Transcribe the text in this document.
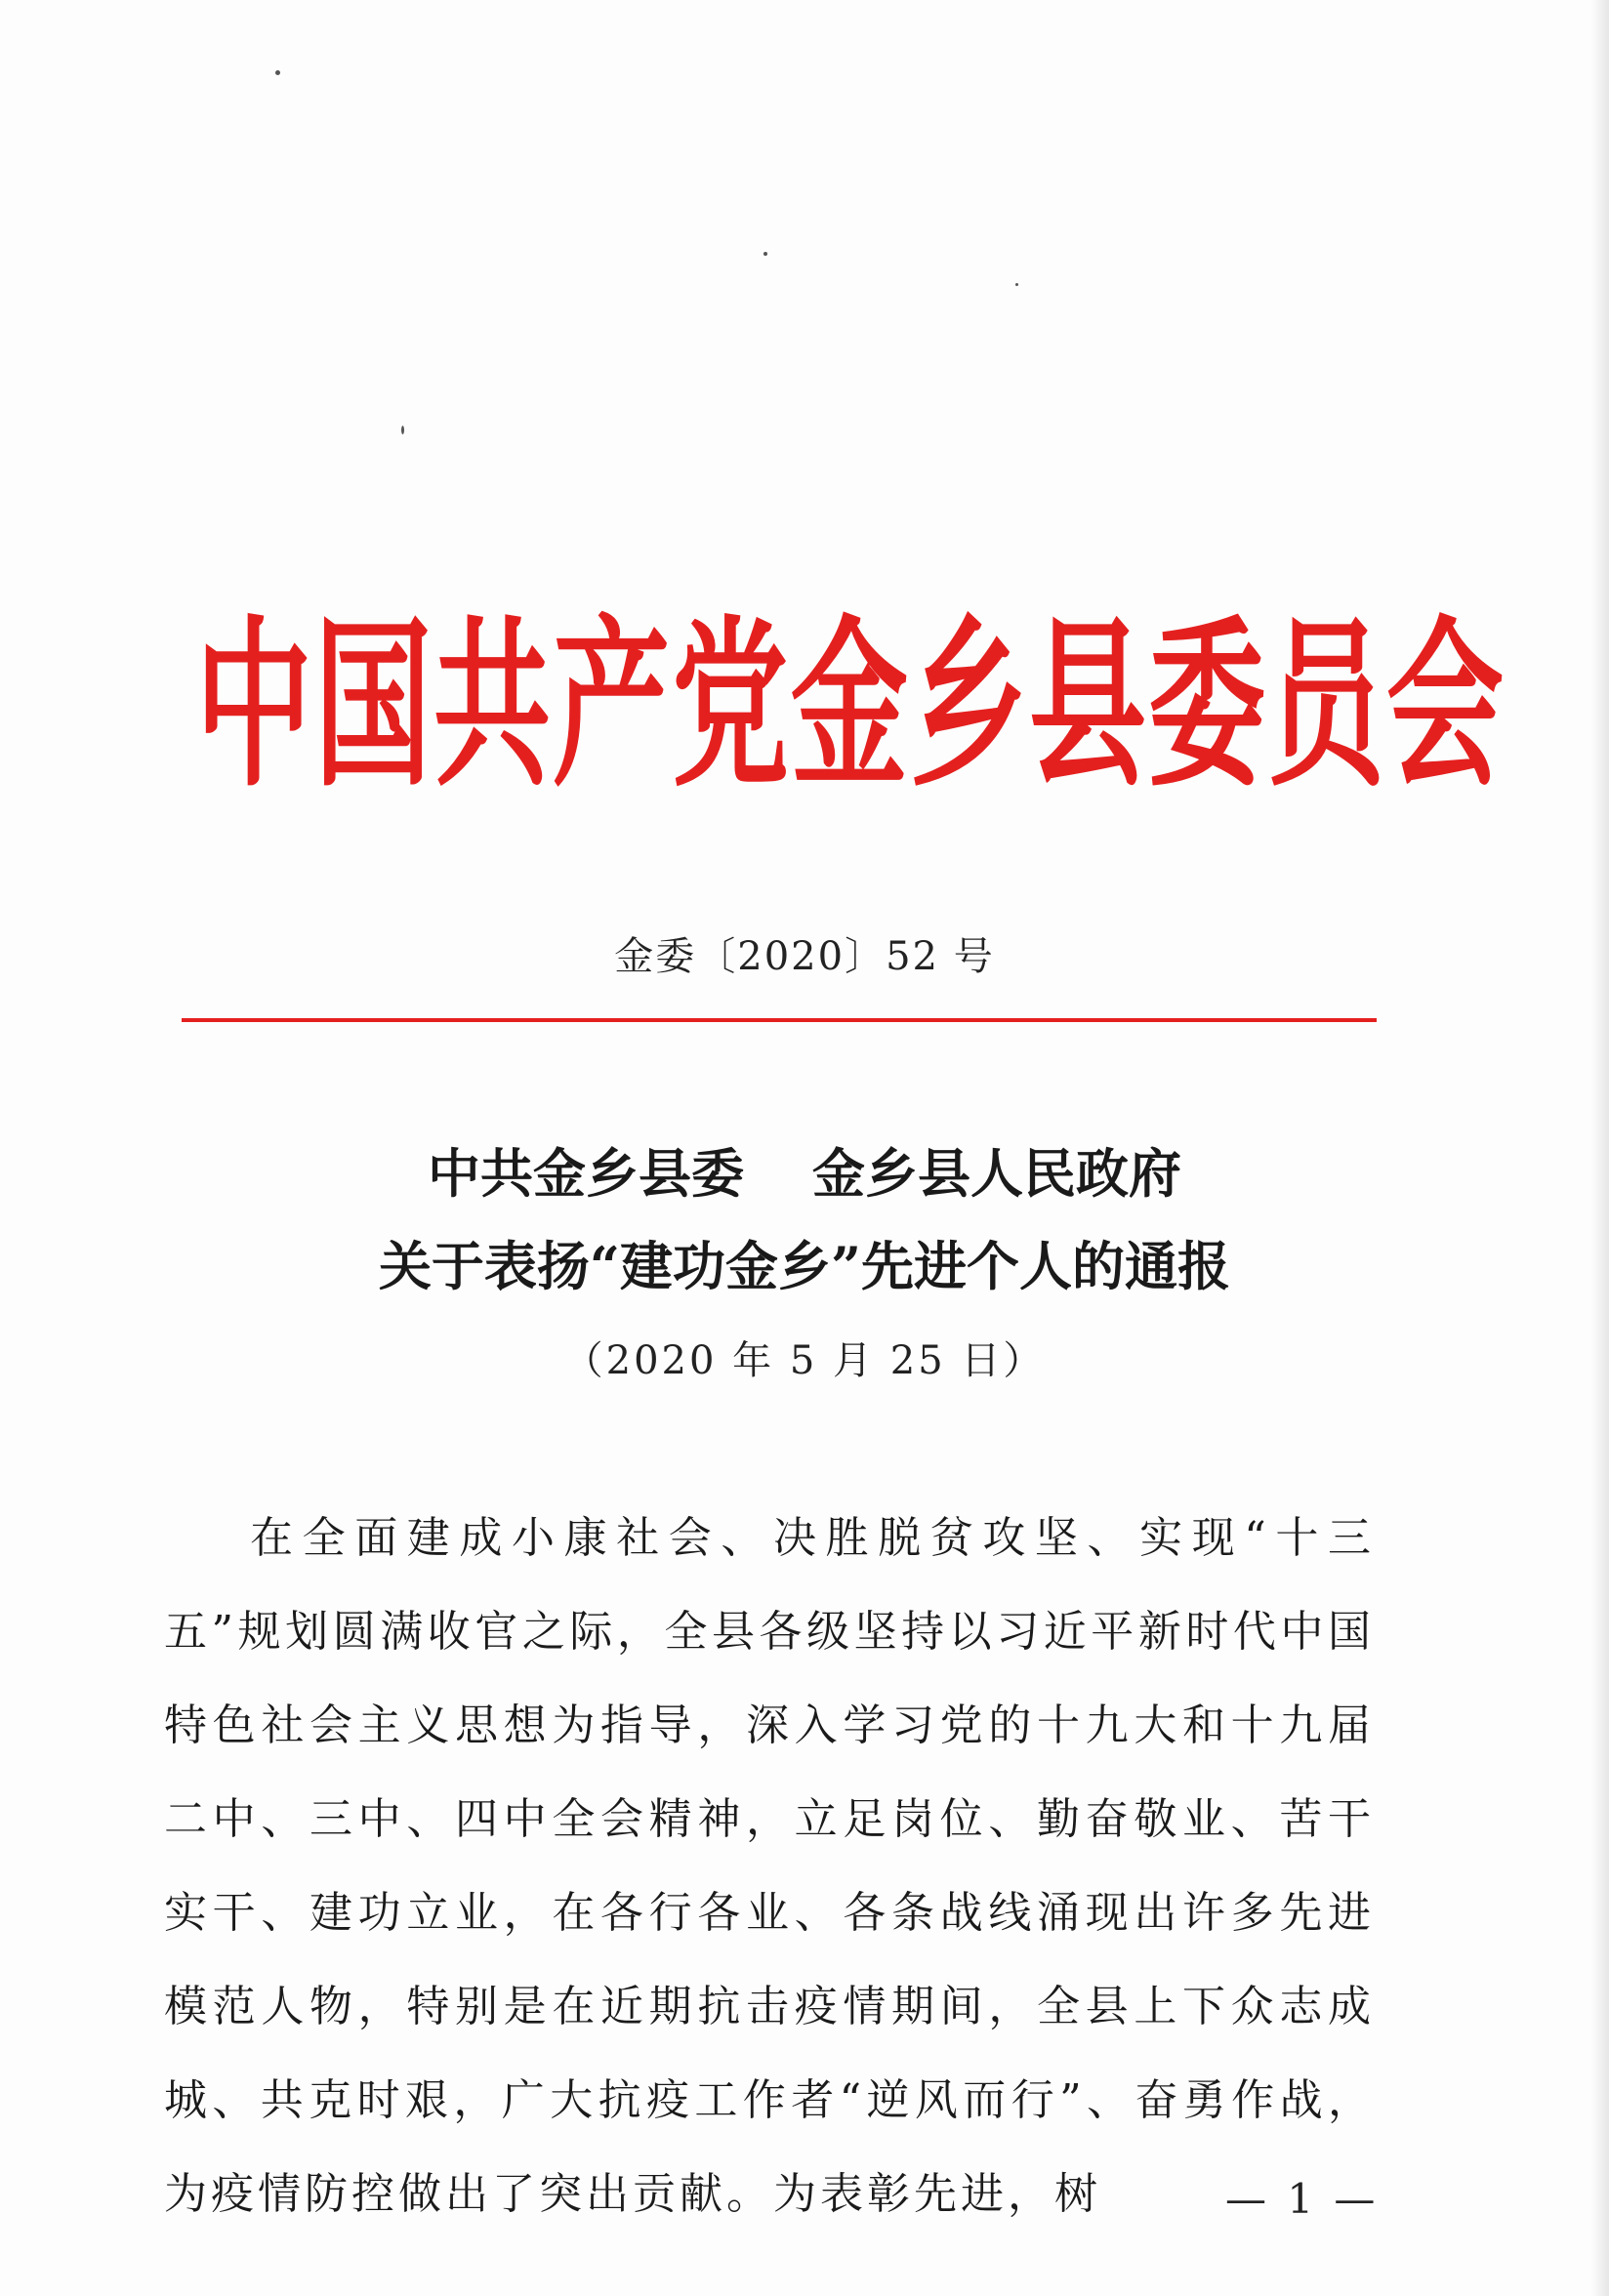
中国共产党金乡县委员会
金委〔2020〕52 号
中共金乡县委 金乡县人民政府
关于表扬“建功金乡”先进个人的通报
（2020 年 5 月 25 日）

在全面建成小康社会、决胜脱贫攻坚、实现“十三五”规划圆满收官之际，全县各级坚持以习近平新时代中国特色社会主义思想为指导，深入学习党的十九大和十九届二中、三中、四中全会精神，立足岗位、勤奋敬业、苦干实干、建功立业，在各行各业、各条战线涌现出许多先进模范人物，特别是在近期抗击疫情期间，全县上下众志成城、共克时艰，广大抗疫工作者“逆风而行”、奋勇作战，为疫情防控做出了突出贡献。为表彰先进，树	— 1 —
